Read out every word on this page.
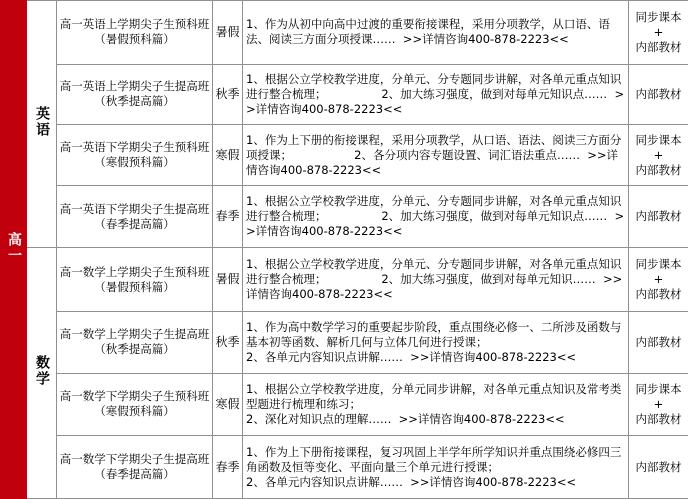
高一	英语	高一英语上学期尖子生预科班
（暑假预科篇）	暑假	1、作为从初中向高中过渡的重要衔接课程，采用分项教学，从口语、语法、阅读三方面分项授课……  >>详情咨询400-878-2223<<	同步课本
+
内部教材

		高一英语上学期尖子生提高班
（秋季提高篇）	秋季	1、根据公立学校教学进度，分单元、分专题同步讲解，对各单元重点知识进行整合梳理；               2、加大练习强度，做到对每单元知识点……  >>详情咨询400-878-2223<<	内部教材

		高一英语下学期尖子生预科班
（寒假预科篇）	寒假	1、作为上下册的衔接课程，采用分项教学，从口语、语法、阅读三方面分项授课；                 2、各分项内容专题设置、词汇语法重点……  >>详情咨询400-878-2223<<	同步课本
+
内部教材

		高一英语下学期尖子生提高班
（春季提高篇）	春季	1、根据公立学校教学进度，分单元、分专题同步讲解，对各单元重点知识进行整合梳理；               2、加大练习强度，做到对每单元知识点……  >>详情咨询400-878-2223<<	内部教材

	数学	高一数学上学期尖子生预科班
（暑假预科篇）	暑假	1、根据公立学校教学进度，分单元、分专题同步讲解，对各单元重点知识进行整合梳理；               2、加大练习强度，做到对每单元知识……  >>详情咨询400-878-2223<<	同步课本
+
内部教材

		高一数学上学期尖子生提高班
（秋季提高篇）	秋季	1、作为高中数学学习的重要起步阶段，重点围绕必修一、二所涉及函数与基本初等函数、解析几何与立体几何进行授课；
2、各单元内容知识点讲解……  >>详情咨询400-878-2223<<	内部教材

		高一数学下学期尖子生预科班
（寒假预科篇）	寒假	1、根据公立学校教学进度，分单元同步讲解，对各单元重点知识及常考类型题进行梳理和练习；
2、深化对知识点的理解……  >>详情咨询400-878-2223<<	同步课本
+
内部教材

		高一数学下学期尖子生提高班
（春季提高篇）	春季	1、作为上下册衔接课程，复习巩固上半学年所学知识并重点围绕必修四三角函数及恒等变化、平面向量三个单元进行授课；
2、各单元内容知识点讲解……  >>详情咨询400-878-2223<<	内部教材
